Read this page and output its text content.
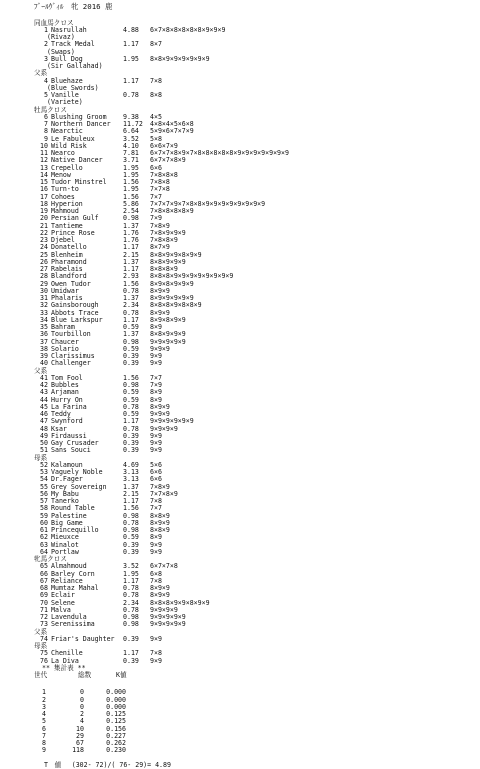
ﾌﾞｰﾙｳﾞｨﾙ　牝 2016 鹿
同血馬クロス
1 Nasrullah	4.88 6×7×8×8×8×8×8×9×9×9
(Rivaz)
2 Track Medal	1.17 8×7
(Swaps)
3 Bull Dog	1.95 8×8×9×9×9×9×9×9
(Sir Gallahad)
父系
4 Bluehaze	1.17 7×8
(Blue Swords)
5 Vanille	0.78 8×8
(Variete)
牡馬クロス
6 Blushing Groom 9.38 4×5
7 Northern Dancer 11.72 4×8×4×5×6×8
8 Nearctic	6.64 5×9×6×7×7×9
9 Le Fabuleux	3.52 5×8
10 Wild Risk	4.10 6×6×7×9
11 Nearco	7.81 6×7×7×8×9×7×8×8×8×8×8×9×9×9×9×9×9×9
12 Native Dancer	3.71 6×7×7×8×9
13 Crepello	1.95 6×6
14 Menow	1.95 7×8×8×8
15 Tudor Minstrel 1.56 7×8×8
16 Turn-to	1.95 7×7×8
17 Cohoes	1.56 7×7
18 Hyperion	5.86 7×7×7×9×7×8×8×9×9×9×9×9×9×9×9
19 Mahmoud	2.54 7×8×8×8×8×9
20 Persian Gulf	0.98 7×9
21 Tantieme	1.37 7×8×9
22 Prince Rose	1.76 7×8×9×9×9
23 Djebel	1.76 7×8×8×9
24 Donatello	1.17 8×7×9
25 Blenheim	2.15 8×8×9×9×8×9×9
26 Pharamond	1.37 8×8×9×9×9
27 Rabelais	1.17 8×8×8×9
28 Blandford	2.93 8×8×8×9×9×9×9×9×9×9×9
29 Owen Tudor	1.56 8×9×8×9×9×9
30 Umidwar	0.78 8×9×9
31 Phalaris	1.37 8×9×9×9×9×9
32 Gainsborough	2.34 8×8×8×9×8×8×9
33 Abbots Trace	0.78 8×9×9
34 Blue Larkspur	1.17 8×9×8×9×9
35 Bahram	0.59 8×9
36 Tourbillon	1.37 8×8×9×9×9
37 Chaucer	0.98 9×9×9×9×9
38 Solario	0.59 9×9×9
39 Clarissimus	0.39 9×9
40 Challenger	0.39 9×9
父系
41 Tom Fool	1.56 7×7
42 Bubbles	0.98 7×9
43 Arjaman	0.59 8×9
44 Hurry On	0.59 8×9
45 La Farina	0.78 8×9×9
46 Teddy	0.59 9×9×9
47 Swynford	1.17 9×9×9×9×9×9
48 Ksar	0.78 9×9×9×9
49 Firdaussi	0.39 9×9
50 Gay Crusader	0.39 9×9
51 Sans Souci	0.39 9×9
母系
52 Kalamoun	4.69 5×6
53 Vaguely Noble	3.13 6×6
54 Dr.Fager	3.13 6×6
55 Grey Sovereign 1.37 7×8×9
56 My Babu	2.15 7×7×8×9
57 Tanerko	1.17 7×8
58 Round Table	1.56 7×7
59 Palestine	0.98 8×8×9
60 Big Game	0.78 8×9×9
61 Princequillo	0.98 8×8×9
62 Mieuxce	0.59 8×9
63 Winalot	0.39 9×9
64 Portlaw	0.39 9×9
牝馬クロス
65 Almahmoud	3.52 6×7×7×8
66 Barley Corn	1.95 6×8
67 Reliance	1.17 7×8
68 Mumtaz Mahal	0.78 8×9×9
69 Eclair	0.78 8×9×9
70 Selene	2.34 8×8×8×9×9×8×9×9
71 Malva	0.78 9×9×9×9
72 Lavendula	0.98 9×9×9×9×9
73 Serenissima	0.98 9×9×9×9×9
父系
74 Friar's Daughter 0.39 9×9
母系
75 Chenille	1.17 7×8
76 La Diva	0.39 9×9
** 集計表 **
世代	総数	K値
1	0	0.000
2	0	0.000
3	0	0.000
4	2	0.125
5	4	0.125
6	10	0.156
7	29	0.227
8	67	0.262
9	118	0.230
T　値　 (302- 72)/( 76- 29)= 4.89
